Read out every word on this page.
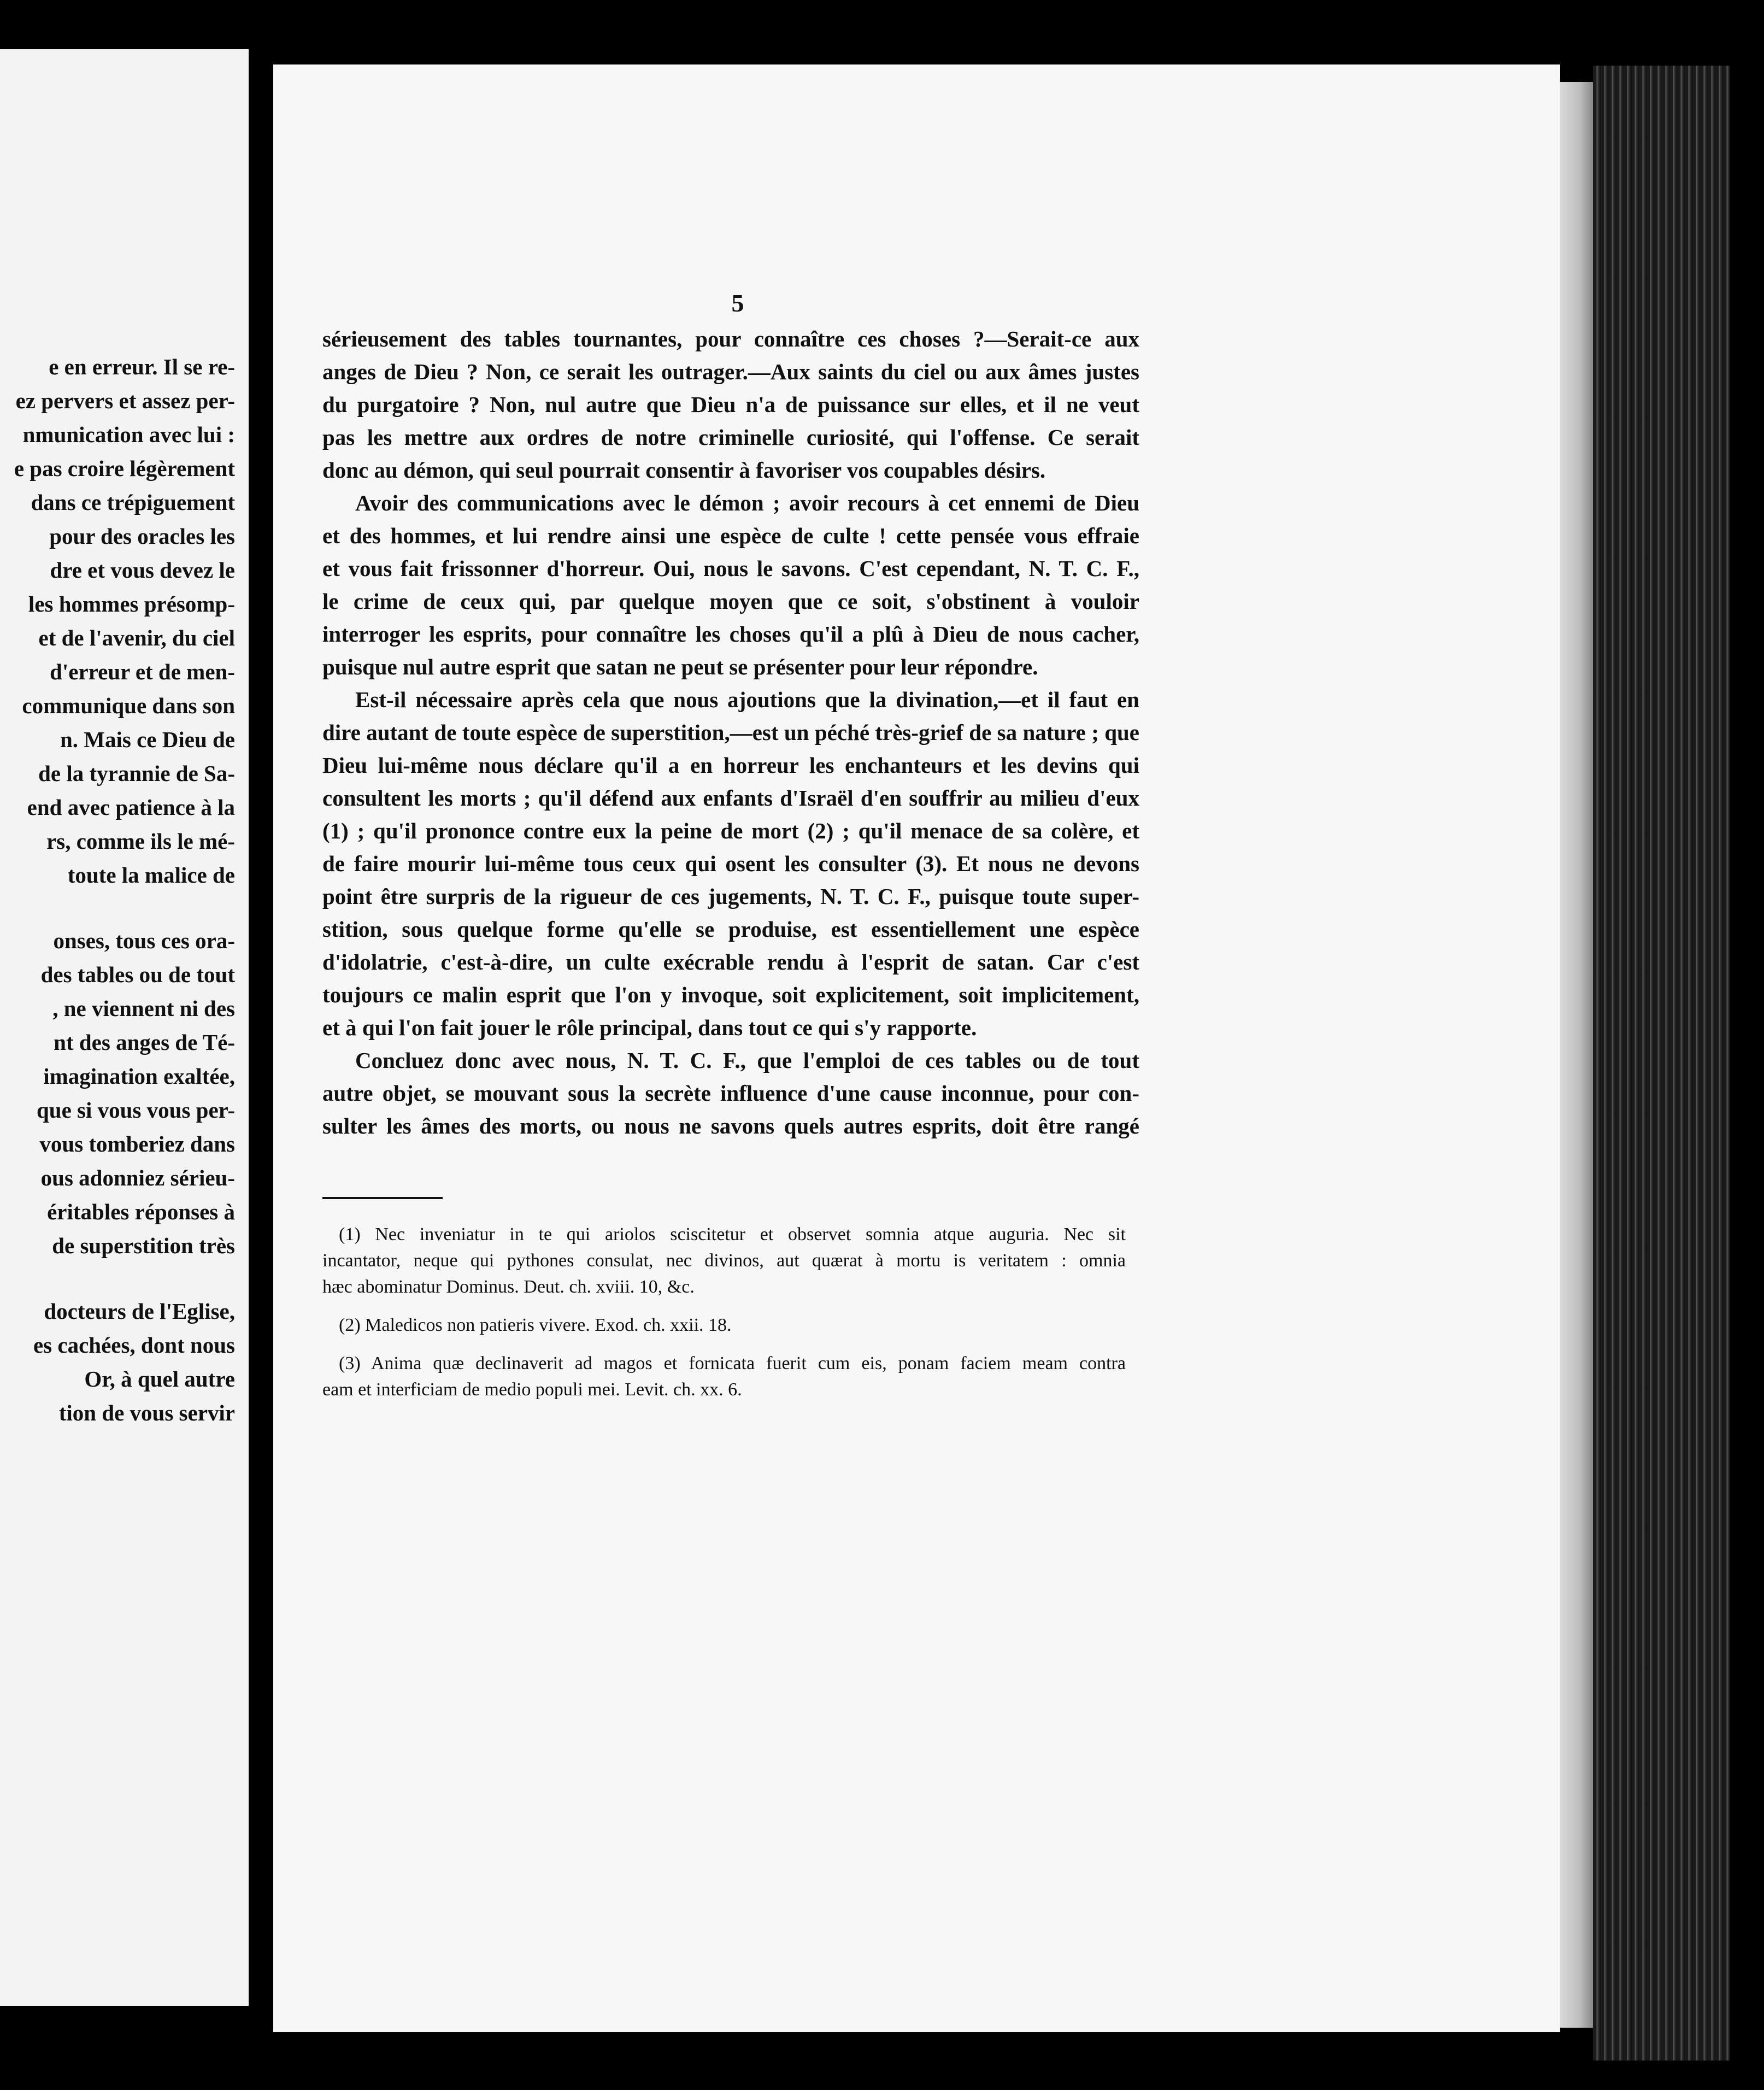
e en erreur. Il se re-
ez pervers et assez per-
nmunication avec lui :
e pas croire légèrement
dans ce trépiguement
pour des oracles les
dre et vous devez le
les hommes présomp-
et de l'avenir, du ciel
d'erreur et de men-
communique dans son
n. Mais ce Dieu de
de la tyrannie de Sa-
end avec patience à la
rs, comme ils le mé-
toute la malice de
onses, tous ces ora-
des tables ou de tout
, ne viennent ni des
nt des anges de Té-
imagination exaltée,
que si vous vous per-
vous tomberiez dans
ous adonniez sérieu-
éritables réponses à
de superstition très
docteurs de l'Eglise,
es cachées, dont nous
Or, à quel autre
tion de vous servir
5
sérieusement des tables tournantes, pour connaître ces choses ?—Serait-ce aux
anges de Dieu ? Non, ce serait les outrager.—Aux saints du ciel ou aux âmes justes
du purgatoire ? Non, nul autre que Dieu n'a de puissance sur elles, et il ne veut
pas les mettre aux ordres de notre criminelle curiosité, qui l'offense. Ce serait
donc au démon, qui seul pourrait consentir à favoriser vos coupables désirs.
Avoir des communications avec le démon ; avoir recours à cet ennemi de Dieu
et des hommes, et lui rendre ainsi une espèce de culte ! cette pensée vous effraie
et vous fait frissonner d'horreur. Oui, nous le savons. C'est cependant, N. T. C. F.,
le crime de ceux qui, par quelque moyen que ce soit, s'obstinent à vouloir
interroger les esprits, pour connaître les choses qu'il a plû à Dieu de nous cacher,
puisque nul autre esprit que satan ne peut se présenter pour leur répondre.
Est-il nécessaire après cela que nous ajoutions que la divination,—et il faut en
dire autant de toute espèce de superstition,—est un péché très-grief de sa nature ; que
Dieu lui-même nous déclare qu'il a en horreur les enchanteurs et les devins qui
consultent les morts ; qu'il défend aux enfants d'Israël d'en souffrir au milieu d'eux
(1) ; qu'il prononce contre eux la peine de mort (2) ; qu'il menace de sa colère, et
de faire mourir lui-même tous ceux qui osent les consulter (3). Et nous ne devons
point être surpris de la rigueur de ces jugements, N. T. C. F., puisque toute super-
stition, sous quelque forme qu'elle se produise, est essentiellement une espèce
d'idolatrie, c'est-à-dire, un culte exécrable rendu à l'esprit de satan. Car c'est
toujours ce malin esprit que l'on y invoque, soit explicitement, soit implicitement,
et à qui l'on fait jouer le rôle principal, dans tout ce qui s'y rapporte.
Concluez donc avec nous, N. T. C. F., que l'emploi de ces tables ou de tout
autre objet, se mouvant sous la secrète influence d'une cause inconnue, pour con-
sulter les âmes des morts, ou nous ne savons quels autres esprits, doit être rangé
(1) Nec inveniatur in te qui ariolos sciscitetur et observet somnia atque auguria. Nec sit
incantator, neque qui pythones consulat, nec divinos, aut quærat à mortu is veritatem : omnia
hæc abominatur Dominus. Deut. ch. xviii. 10, &c.
(2) Maledicos non patieris vivere. Exod. ch. xxii. 18.
(3) Anima quæ declinaverit ad magos et fornicata fuerit cum eis, ponam faciem meam contra
eam et interficiam de medio populi mei. Levit. ch. xx. 6.
